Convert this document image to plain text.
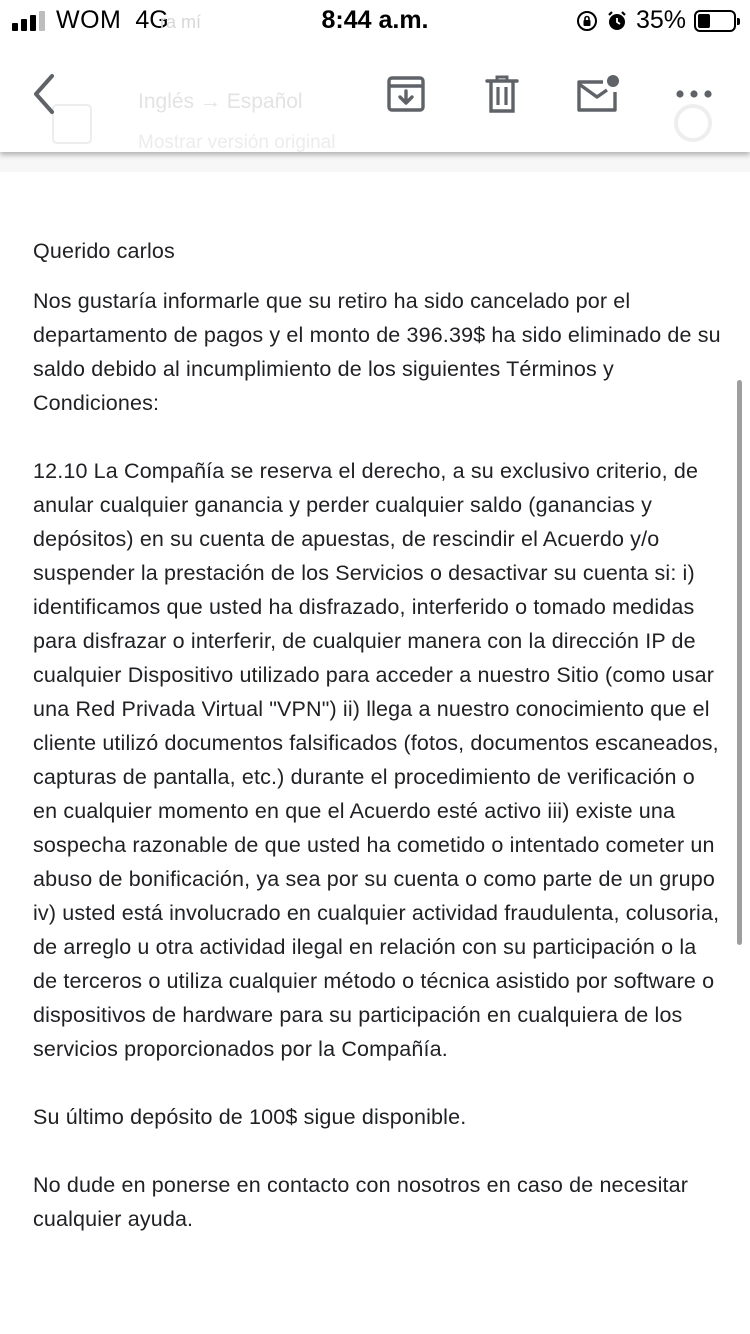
WOM 4G	8:44 a.m.	35%
ra mí
Inglés → Español
Mostrar versión original

Querido carlos

Nos gustaría informarle que su retiro ha sido cancelado por el departamento de pagos y el monto de 396.39$ ha sido eliminado de su saldo debido al incumplimiento de los siguientes Términos y Condiciones:

12.10 La Compañía se reserva el derecho, a su exclusivo criterio, de anular cualquier ganancia y perder cualquier saldo (ganancias y depósitos) en su cuenta de apuestas, de rescindir el Acuerdo y/o suspender la prestación de los Servicios o desactivar su cuenta si: i) identificamos que usted ha disfrazado, interferido o tomado medidas para disfrazar o interferir, de cualquier manera con la dirección IP de cualquier Dispositivo utilizado para acceder a nuestro Sitio (como usar una Red Privada Virtual "VPN") ii) llega a nuestro conocimiento que el cliente utilizó documentos falsificados (fotos, documentos escaneados, capturas de pantalla, etc.) durante el procedimiento de verificación o en cualquier momento en que el Acuerdo esté activo iii) existe una sospecha razonable de que usted ha cometido o intentado cometer un abuso de bonificación, ya sea por su cuenta o como parte de un grupo iv) usted está involucrado en cualquier actividad fraudulenta, colusoria, de arreglo u otra actividad ilegal en relación con su participación o la de terceros o utiliza cualquier método o técnica asistido por software o dispositivos de hardware para su participación en cualquiera de los servicios proporcionados por la Compañía.

Su último depósito de 100$ sigue disponible.

No dude en ponerse en contacto con nosotros en caso de necesitar cualquier ayuda.
